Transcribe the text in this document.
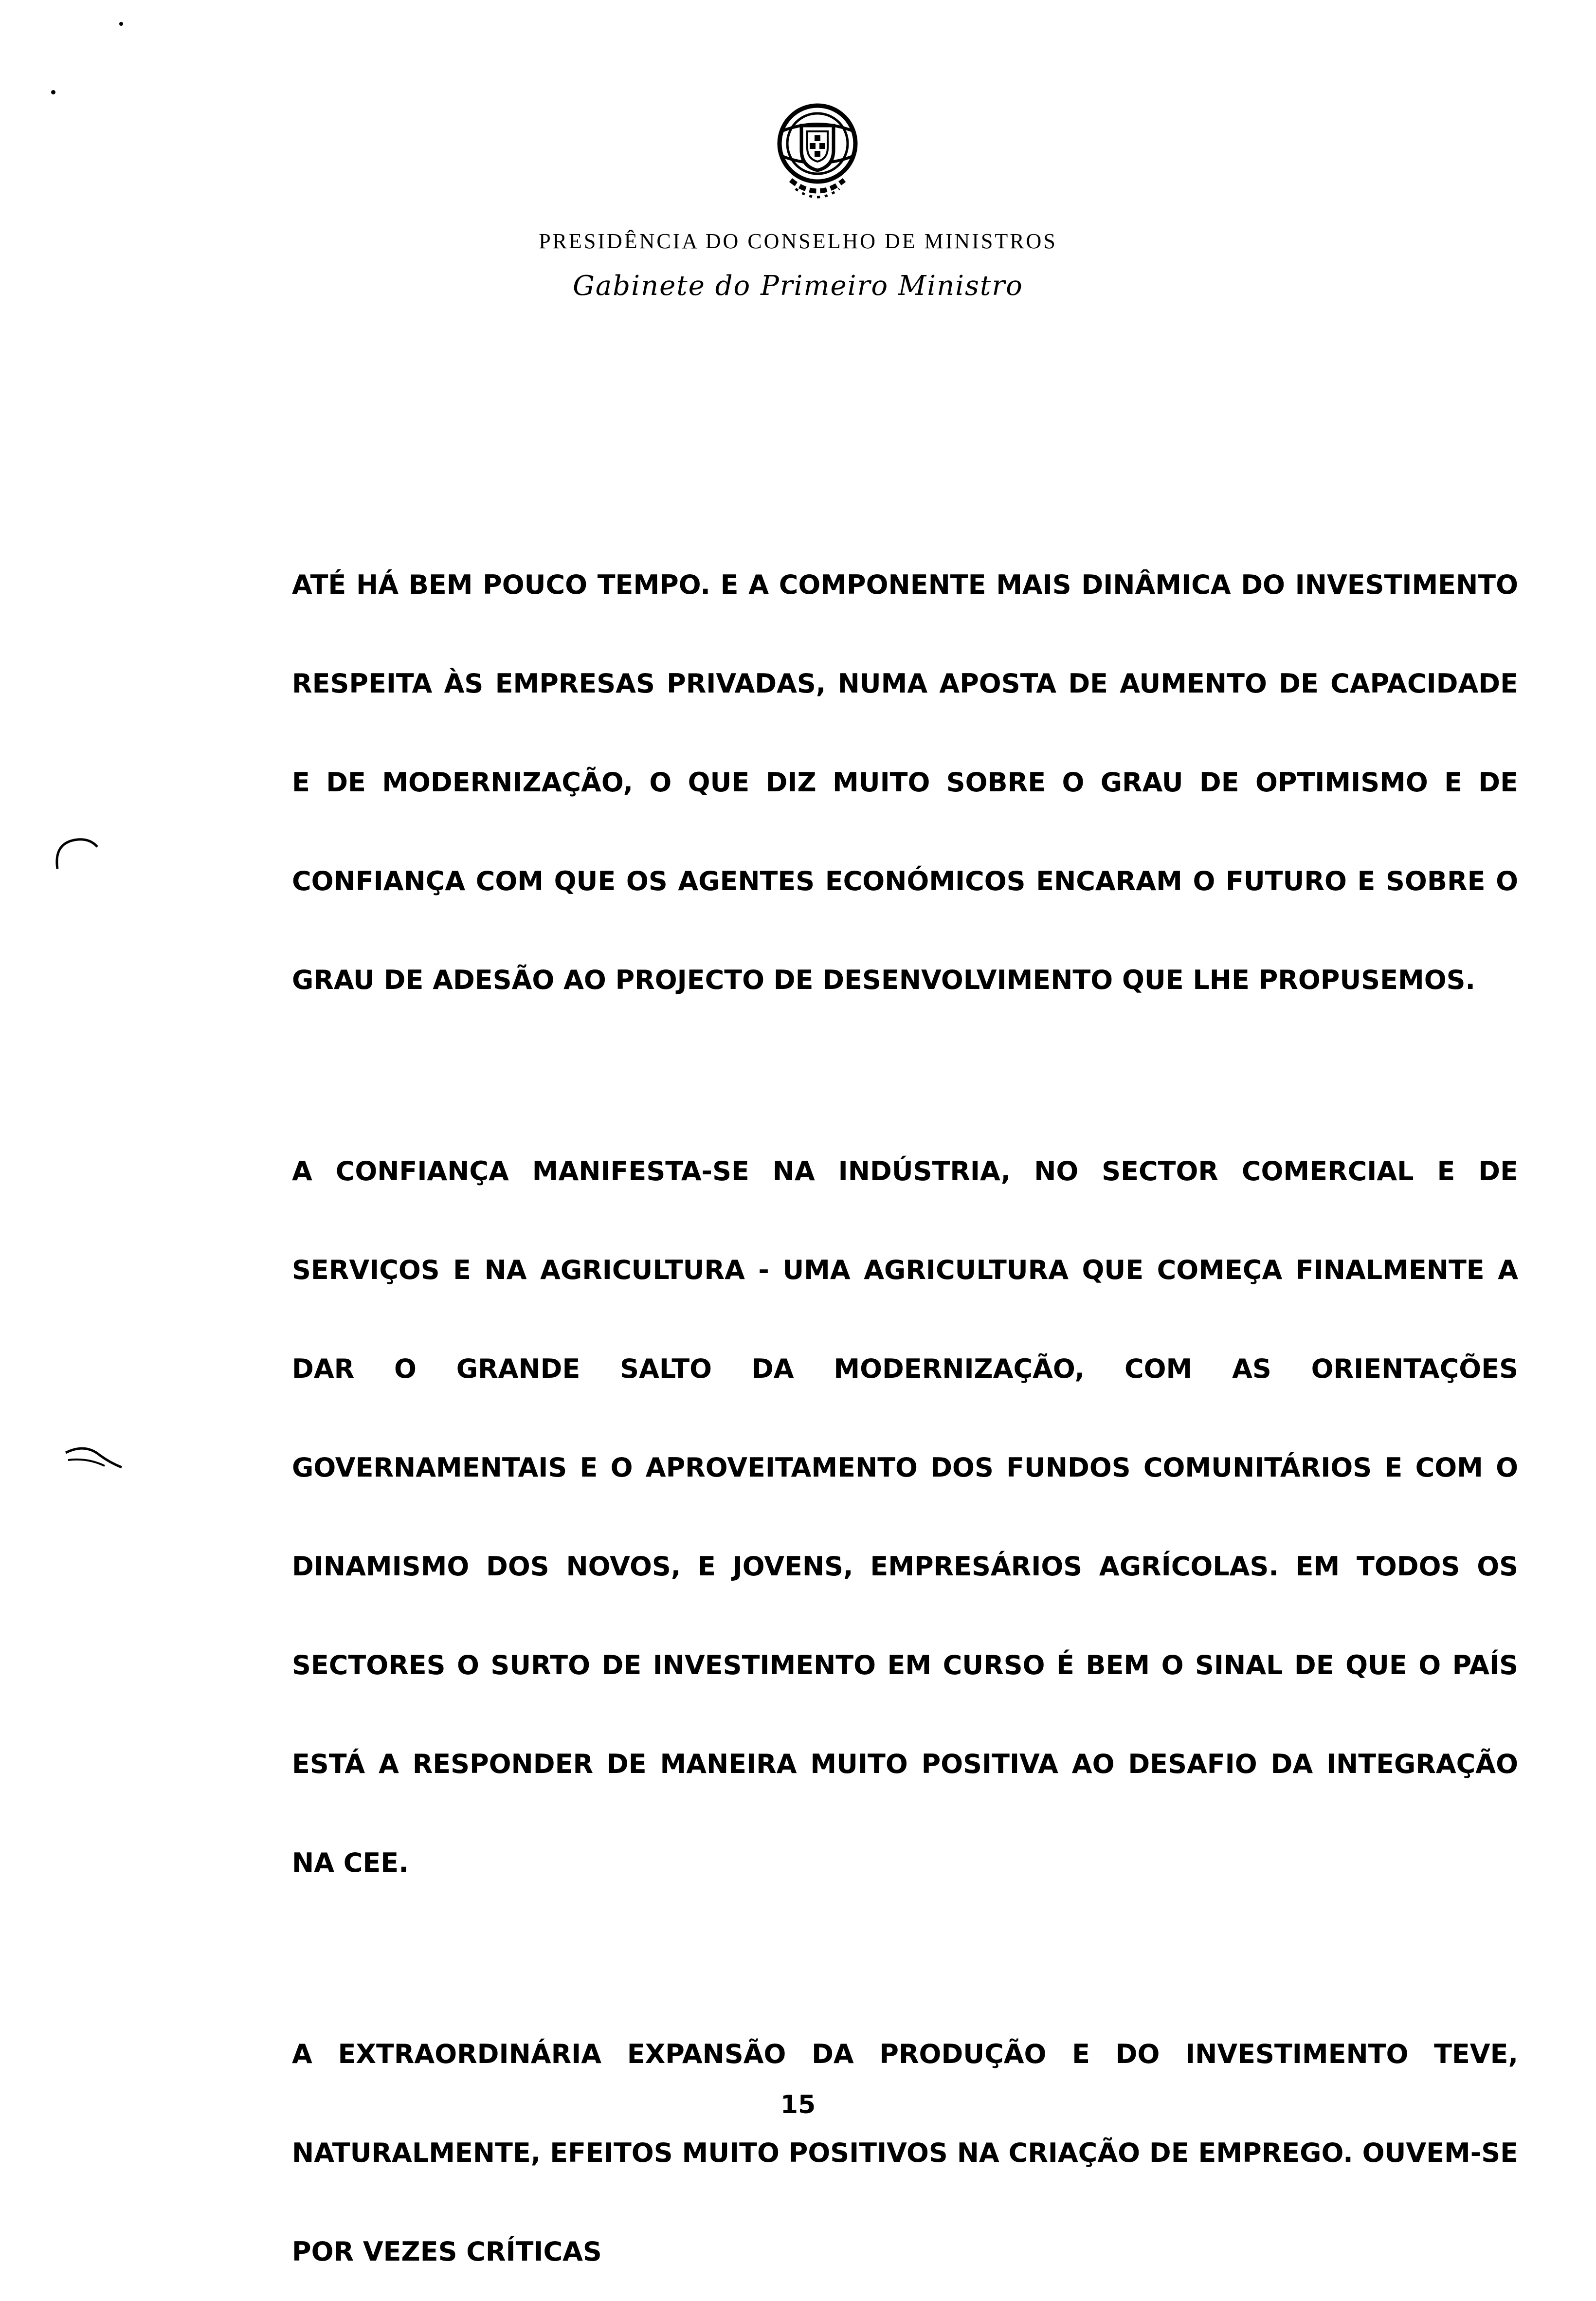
PRESIDÊNCIA DO CONSELHO DE MINISTROS
Gabinete do Primeiro Ministro

ATÉ HÁ BEM POUCO TEMPO. E A COMPONENTE MAIS DINÂMICA DO INVESTIMENTO RESPEITA ÀS EMPRESAS PRIVADAS, NUMA APOSTA DE AUMENTO DE CAPACIDADE E DE MODERNIZAÇÃO, O QUE DIZ MUITO SOBRE O GRAU DE OPTIMISMO E DE CONFIANÇA COM QUE OS AGENTES ECONÓMICOS ENCARAM O FUTURO E SOBRE O GRAU DE ADESÃO AO PROJECTO DE DESENVOLVIMENTO QUE LHE PROPUSEMOS.

A CONFIANÇA MANIFESTA-SE NA INDÚSTRIA, NO SECTOR COMERCIAL E DE SERVIÇOS E NA AGRICULTURA - UMA AGRICULTURA QUE COMEÇA FINALMENTE A DAR O GRANDE SALTO DA MODERNIZAÇÃO, COM AS ORIENTAÇÕES GOVERNAMENTAIS E O APROVEITAMENTO DOS FUNDOS COMUNITÁRIOS E COM O DINAMISMO DOS NOVOS, E JOVENS, EMPRESÁRIOS AGRÍCOLAS. EM TODOS OS SECTORES O SURTO DE INVESTIMENTO EM CURSO É BEM O SINAL DE QUE O PAÍS ESTÁ A RESPONDER DE MANEIRA MUITO POSITIVA AO DESAFIO DA INTEGRAÇÃO NA CEE.

A EXTRAORDINÁRIA EXPANSÃO DA PRODUÇÃO E DO INVESTIMENTO TEVE, NATURALMENTE, EFEITOS MUITO POSITIVOS NA CRIAÇÃO DE EMPREGO. OUVEM-SE POR VEZES CRÍTICAS

15
